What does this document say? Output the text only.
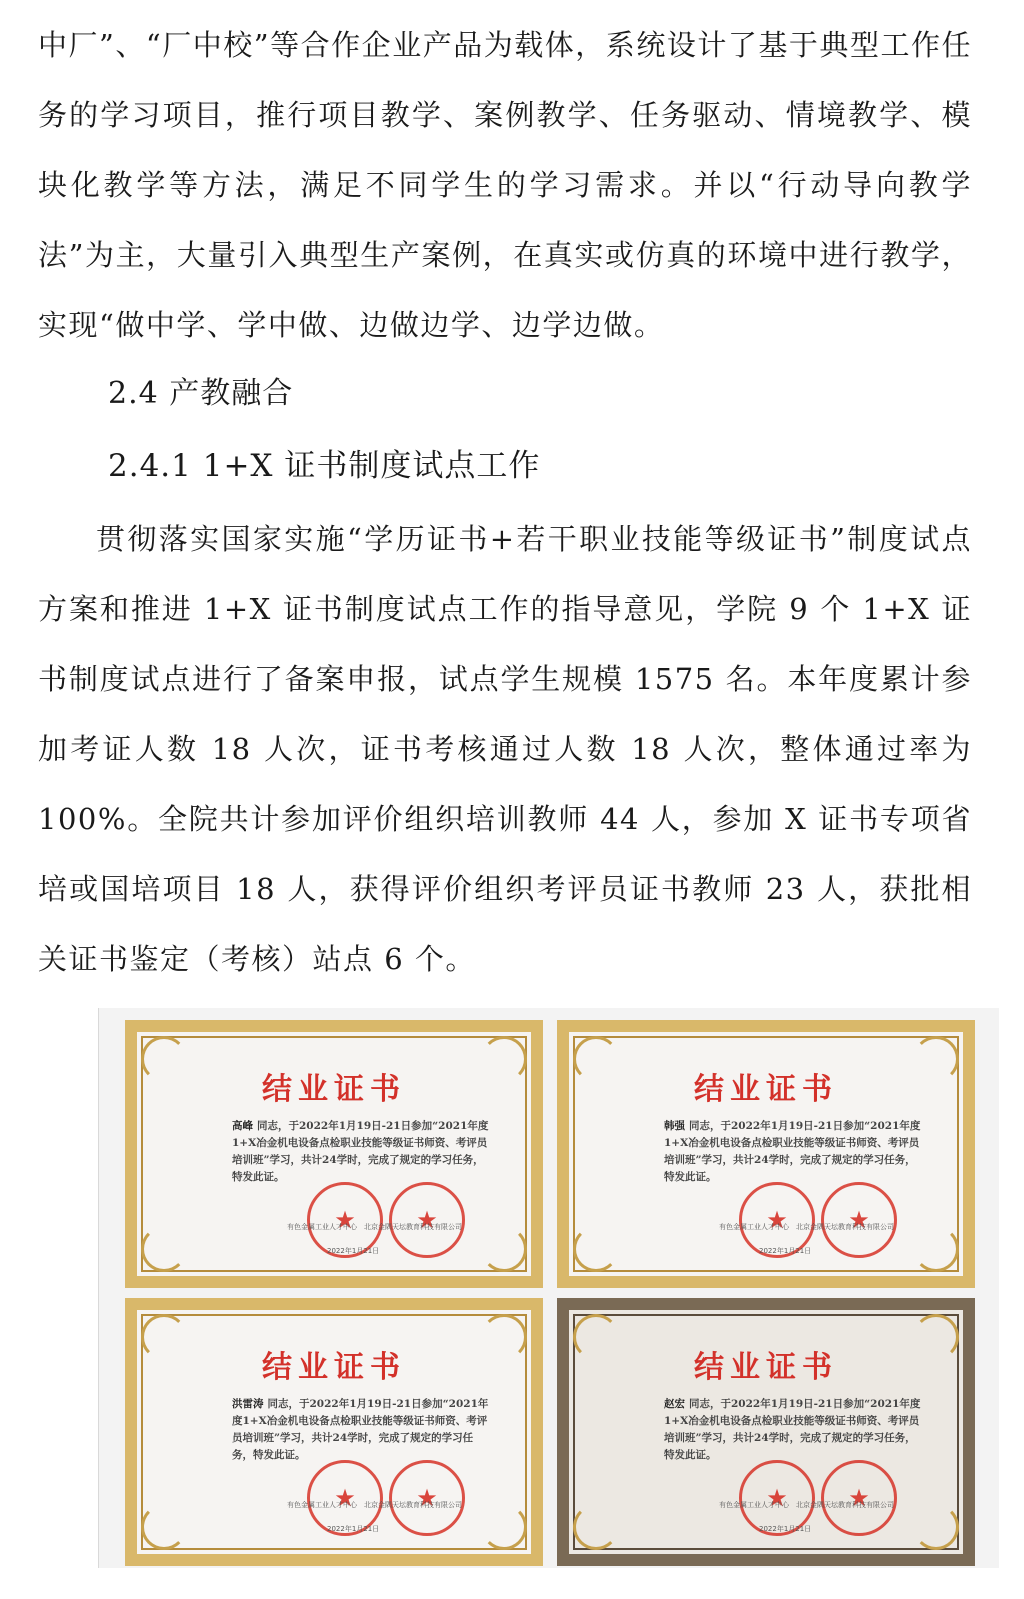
中厂”、“厂中校”等合作企业产品为载体，系统设计了基于典型工作任务的学习项目，推行项目教学、案例教学、任务驱动、情境教学、模块化教学等方法，满足不同学生的学习需求。并以“行动导向教学法”为主，大量引入典型生产案例，在真实或仿真的环境中进行教学，实现“做中学、学中做、边做边学、边学边做。

2.4 产教融合
2.4.1 1+X 证书制度试点工作

贯彻落实国家实施“学历证书+若干职业技能等级证书”制度试点方案和推进 1+X 证书制度试点工作的指导意见，学院 9 个 1+X 证书制度试点进行了备案申报，试点学生规模 1575 名。本年度累计参加考证人数 18 人次，证书考核通过人数 18 人次，整体通过率为 100%。全院共计参加评价组织培训教师 44 人，参加 X 证书专项省培或国培项目 18 人，获得评价组织考评员证书教师 23 人，获批相关证书鉴定（考核）站点 6 个。

结业证书
高峰 同志，于2022年1月19日-21日参加“2021年度1+X冶金机电设备点检职业技能等级证书师资、考评员培训班”学习，共计24学时，完成了规定的学习任务，特发此证。
★	★
有色金属工业人才中心　北京金隅天坛教育科技有限公司
2022年1月21日
结业证书
韩强 同志，于2022年1月19日-21日参加“2021年度1+X冶金机电设备点检职业技能等级证书师资、考评员培训班”学习，共计24学时，完成了规定的学习任务，特发此证。
★	★
有色金属工业人才中心　北京金隅天坛教育科技有限公司
2022年1月21日
结业证书
洪雷涛 同志，于2022年1月19日-21日参加“2021年度1+X冶金机电设备点检职业技能等级证书师资、考评员培训班”学习，共计24学时，完成了规定的学习任务，特发此证。
★	★
有色金属工业人才中心　北京金隅天坛教育科技有限公司
2022年1月21日
结业证书
赵宏 同志，于2022年1月19日-21日参加“2021年度1+X冶金机电设备点检职业技能等级证书师资、考评员培训班”学习，共计24学时，完成了规定的学习任务，特发此证。
★	★
有色金属工业人才中心　北京金隅天坛教育科技有限公司
2022年1月21日
